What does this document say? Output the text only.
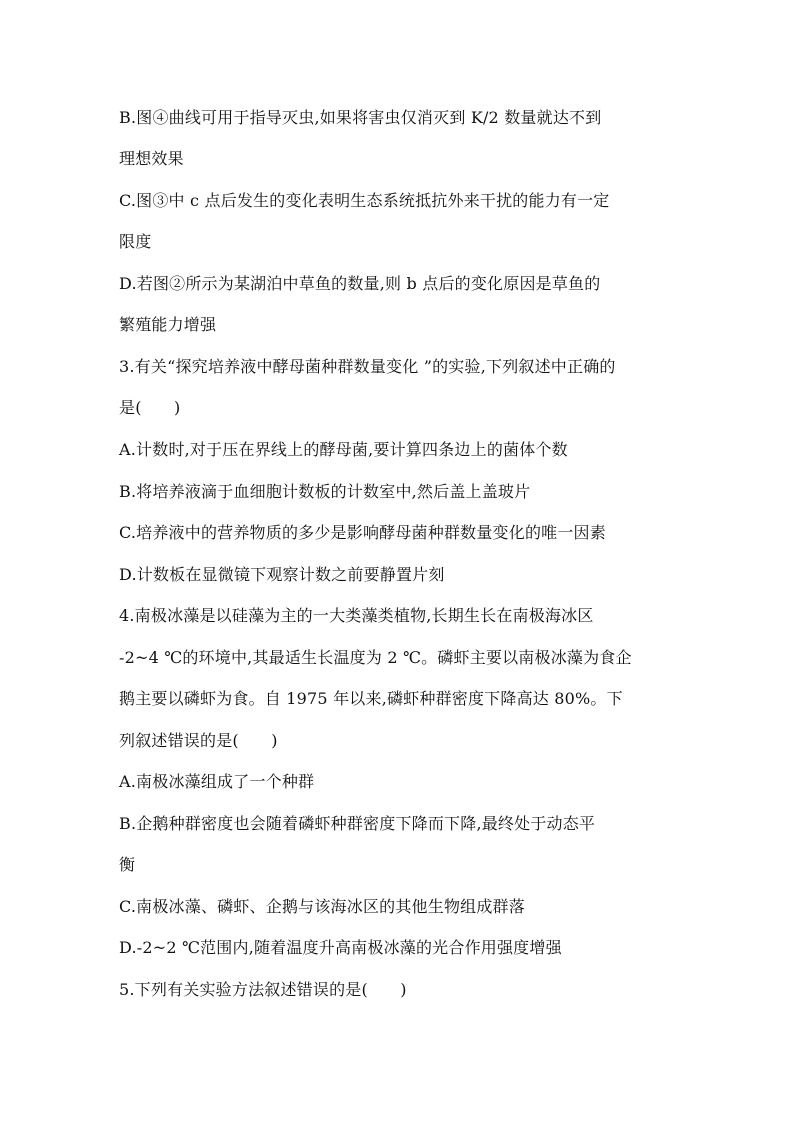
B.图④曲线可用于指导灭虫,如果将害虫仅消灭到 K/2 数量就达不到
理想效果
C.图③中 c 点后发生的变化表明生态系统抵抗外来干扰的能力有一定
限度
D.若图②所示为某湖泊中草鱼的数量,则 b 点后的变化原因是草鱼的
繁殖能力增强
3.有关“探究培养液中酵母菌种群数量变化 ”的实验,下列叙述中正确的
是(　　)
A.计数时,对于压在界线上的酵母菌,要计算四条边上的菌体个数
B.将培养液滴于血细胞计数板的计数室中,然后盖上盖玻片
C.培养液中的营养物质的多少是影响酵母菌种群数量变化的唯一因素
D.计数板在显微镜下观察计数之前要静置片刻
4.南极冰藻是以硅藻为主的一大类藻类植物,长期生长在南极海冰区
-2~4 ℃的环境中,其最适生长温度为 2 ℃。磷虾主要以南极冰藻为食企
鹅主要以磷虾为食。自 1975 年以来,磷虾种群密度下降高达 80%。下
列叙述错误的是(　　)
A.南极冰藻组成了一个种群
B.企鹅种群密度也会随着磷虾种群密度下降而下降,最终处于动态平
衡
C.南极冰藻、磷虾、企鹅与该海冰区的其他生物组成群落
D.-2~2 ℃范围内,随着温度升高南极冰藻的光合作用强度增强
5.下列有关实验方法叙述错误的是(　　)
